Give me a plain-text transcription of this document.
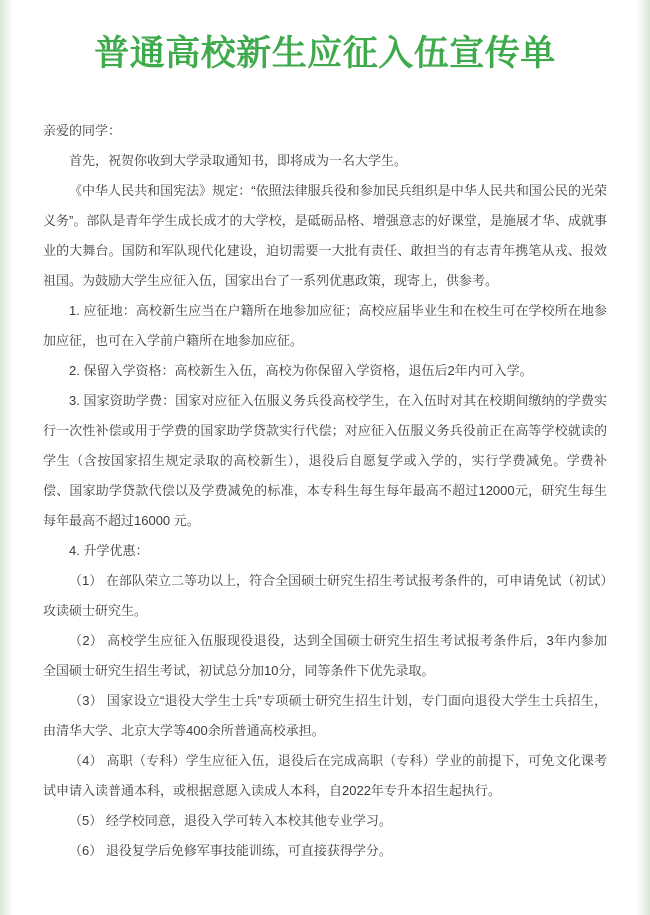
普通高校新生应征入伍宣传单

亲爱的同学：

首先，祝贺你收到大学录取通知书，即将成为一名大学生。

《中华人民共和国宪法》规定：“依照法律服兵役和参加民兵组织是中华人民共和国公民的光荣义务”。部队是青年学生成长成才的大学校，是砥砺品格、增强意志的好课堂，是施展才华、成就事业的大舞台。国防和军队现代化建设，迫切需要一大批有责任、敢担当的有志青年携笔从戎、报效祖国。为鼓励大学生应征入伍，国家出台了一系列优惠政策，现寄上，供参考。

1. 应征地：高校新生应当在户籍所在地参加应征；高校应届毕业生和在校生可在学校所在地参加应征，也可在入学前户籍所在地参加应征。

2. 保留入学资格：高校新生入伍，高校为你保留入学资格，退伍后2年内可入学。

3. 国家资助学费：国家对应征入伍服义务兵役高校学生，在入伍时对其在校期间缴纳的学费实行一次性补偿或用于学费的国家助学贷款实行代偿；对应征入伍服义务兵役前正在高等学校就读的学生（含按国家招生规定录取的高校新生），退役后自愿复学或入学的，实行学费减免。学费补偿、国家助学贷款代偿以及学费减免的标准，本专科生每生每年最高不超过12000元，研究生每生每年最高不超过16000 元。

4. 升学优惠：

（1） 在部队荣立二等功以上，符合全国硕士研究生招生考试报考条件的，可申请免试（初试）攻读硕士研究生。

（2） 高校学生应征入伍服现役退役，达到全国硕士研究生招生考试报考条件后，3年内参加全国硕士研究生招生考试，初试总分加10分，同等条件下优先录取。

（3） 国家设立“退役大学生士兵”专项硕士研究生招生计划，专门面向退役大学生士兵招生，由清华大学、北京大学等400余所普通高校承担。

（4） 高职（专科）学生应征入伍，退役后在完成高职（专科）学业的前提下，可免文化课考试申请入读普通本科，或根据意愿入读成人本科，自2022年专升本招生起执行。

（5） 经学校同意，退役入学可转入本校其他专业学习。

（6） 退役复学后免修军事技能训练，可直接获得学分。
